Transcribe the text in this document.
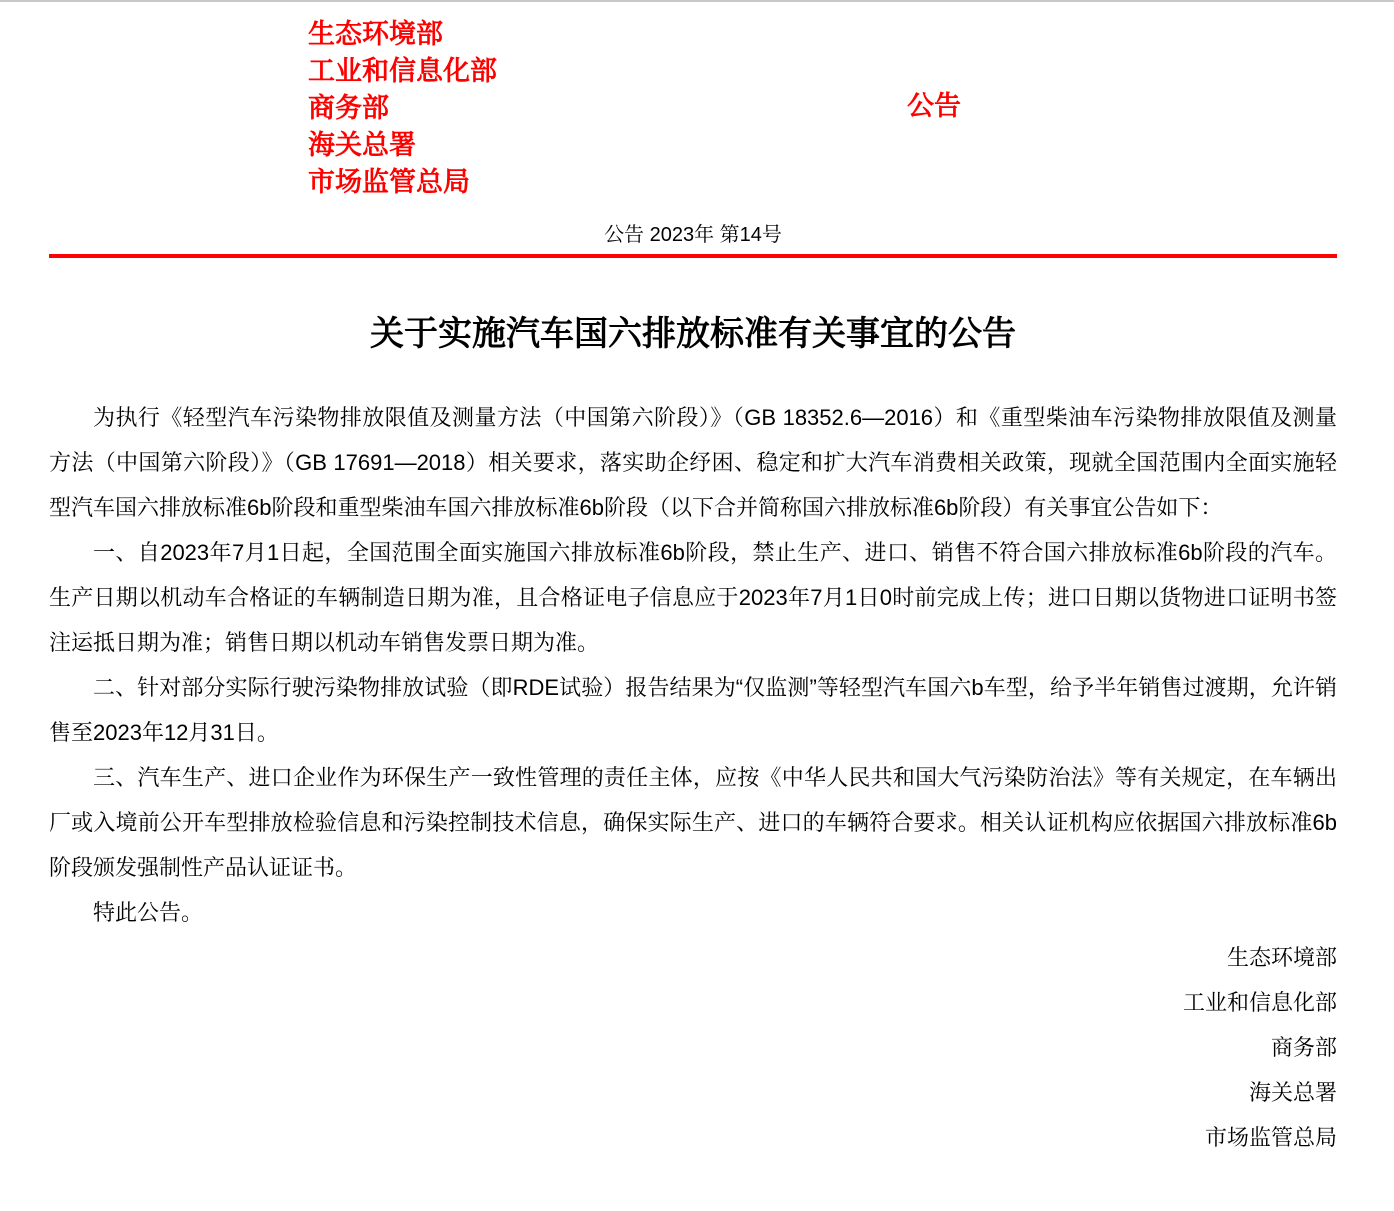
生态环境部
工业和信息化部
商务部
海关总署
市场监管总局
公告
公告 2023年 第14号
关于实施汽车国六排放标准有关事宜的公告

为执行《轻型汽车污染物排放限值及测量方法（中国第六阶段）》（GB 18352.6—2016）和《重型柴油车污染物排放限值及测量方法（中国第六阶段）》（GB 17691—2018）相关要求，落实助企纾困、稳定和扩大汽车消费相关政策，现就全国范围内全面实施轻型汽车国六排放标准6b阶段和重型柴油车国六排放标准6b阶段（以下合并简称国六排放标准6b阶段）有关事宜公告如下：

一、自2023年7月1日起，全国范围全面实施国六排放标准6b阶段，禁止生产、进口、销售不符合国六排放标准6b阶段的汽车。生产日期以机动车合格证的车辆制造日期为准，且合格证电子信息应于2023年7月1日0时前完成上传；进口日期以货物进口证明书签注运抵日期为准；销售日期以机动车销售发票日期为准。

二、针对部分实际行驶污染物排放试验（即RDE试验）报告结果为“仅监测”等轻型汽车国六b车型，给予半年销售过渡期，允许销售至2023年12月31日。

三、汽车生产、进口企业作为环保生产一致性管理的责任主体，应按《中华人民共和国大气污染防治法》等有关规定，在车辆出厂或入境前公开车型排放检验信息和污染控制技术信息，确保实际生产、进口的车辆符合要求。相关认证机构应依据国六排放标准6b阶段颁发强制性产品认证证书。

特此公告。

生态环境部
工业和信息化部
商务部
海关总署
市场监管总局
